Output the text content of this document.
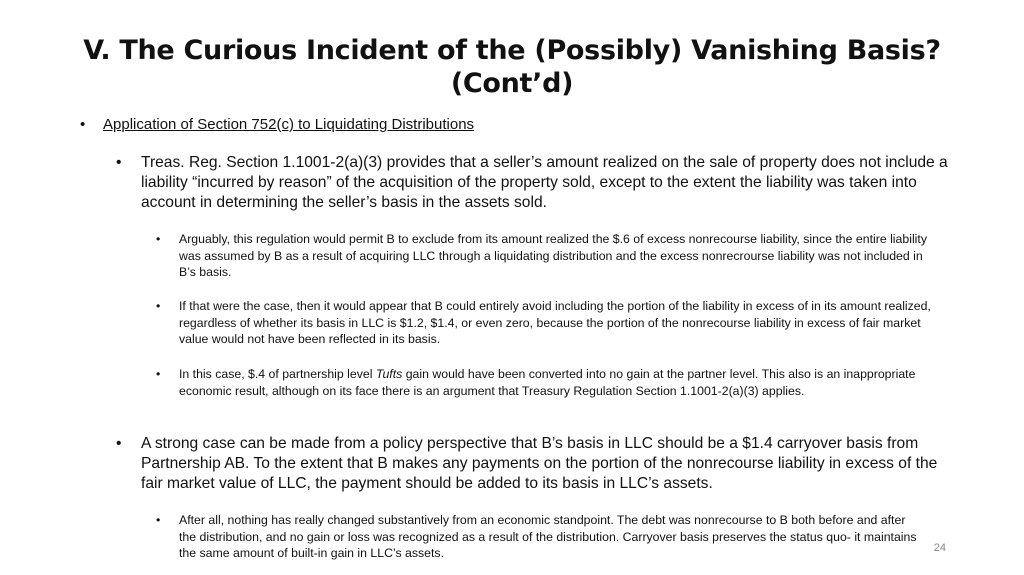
V. The Curious Incident of the (Possibly) Vanishing Basis?
(Cont’d)
• Application of Section 752(c) to Liquidating Distributions
• Treas. Reg. Section 1.1001-2(a)(3) provides that a seller’s amount realized on the sale of property does not include a liability “incurred by reason” of the acquisition of the property sold, except to the extent the liability was taken into account in determining the seller’s basis in the assets sold.
• Arguably, this regulation would permit B to exclude from its amount realized the $.6 of excess nonrecourse liability, since the entire liability was assumed by B as a result of acquiring LLC through a liquidating distribution and the excess nonrecrourse liability was not included in B’s basis.
• If that were the case, then it would appear that B could entirely avoid including the portion of the liability in excess of in its amount realized, regardless of whether its basis in LLC is $1.2, $1.4, or even zero, because the portion of the nonrecourse liability in excess of fair market value would not have been reflected in its basis.
• In this case, $.4 of partnership level Tufts gain would have been converted into no gain at the partner level. This also is an inappropriate economic result, although on its face there is an argument that Treasury Regulation Section 1.1001-2(a)(3) applies.
• A strong case can be made from a policy perspective that B’s basis in LLC should be a $1.4 carryover basis from Partnership AB. To the extent that B makes any payments on the portion of the nonrecourse liability in excess of the fair market value of LLC, the payment should be added to its basis in LLC’s assets.
• After all, nothing has really changed substantively from an economic standpoint. The debt was nonrecourse to B both before and after the distribution, and no gain or loss was recognized as a result of the distribution. Carryover basis preserves the status quo- it maintains the same amount of built-in gain in LLC’s assets.	24
